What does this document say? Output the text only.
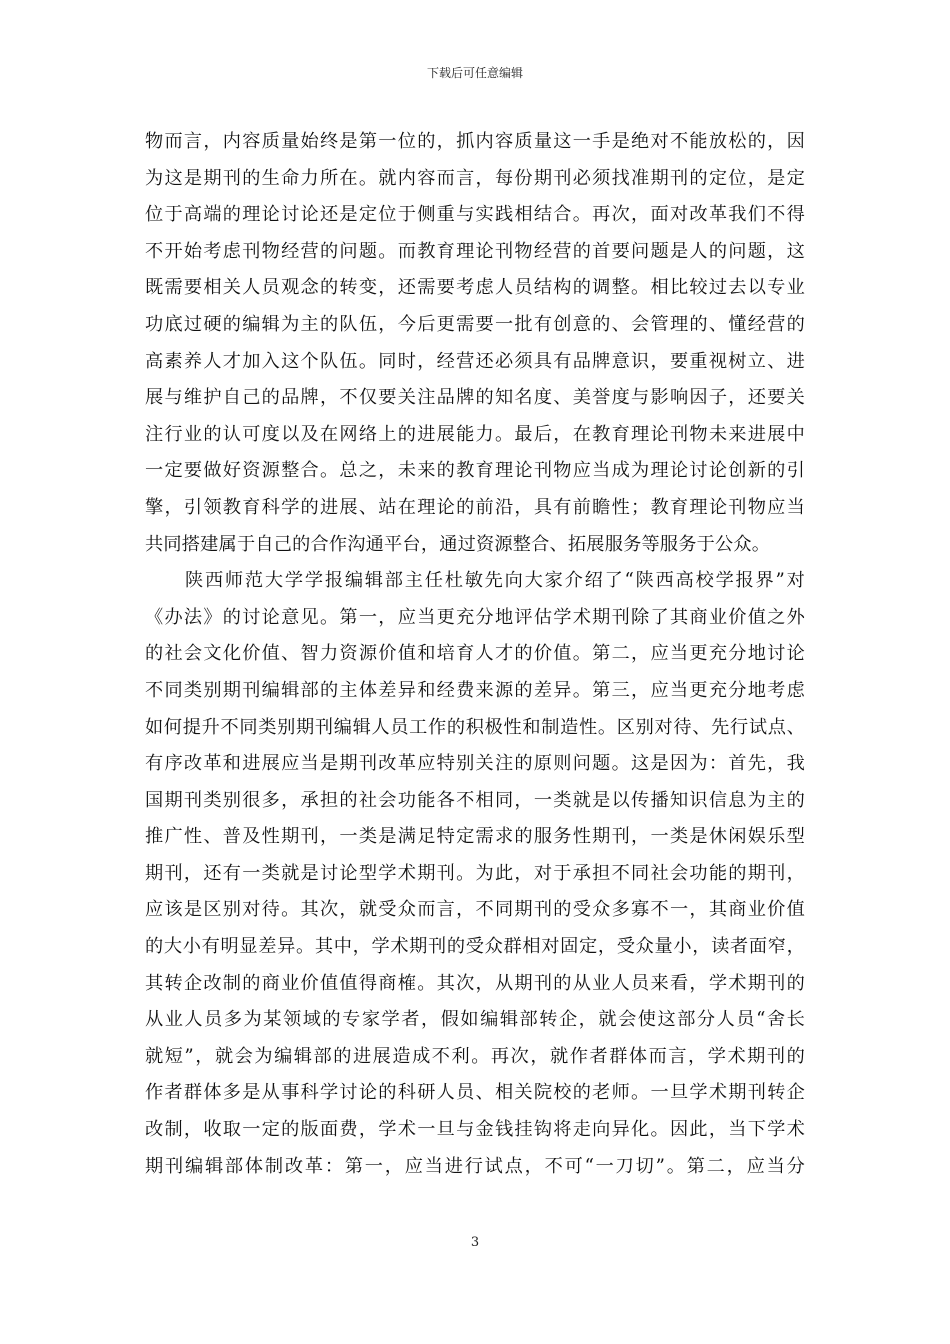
下载后可任意编辑
物而言，内容质量始终是第一位的，抓内容质量这一手是绝对不能放松的，因
为这是期刊的生命力所在。就内容而言，每份期刊必须找准期刊的定位，是定
位于高端的理论讨论还是定位于侧重与实践相结合。再次，面对改革我们不得
不开始考虑刊物经营的问题。而教育理论刊物经营的首要问题是人的问题，这
既需要相关人员观念的转变，还需要考虑人员结构的调整。相比较过去以专业
功底过硬的编辑为主的队伍，今后更需要一批有创意的、会管理的、懂经营的
高素养人才加入这个队伍。同时，经营还必须具有品牌意识，要重视树立、进
展与维护自己的品牌，不仅要关注品牌的知名度、美誉度与影响因子，还要关
注行业的认可度以及在网络上的进展能力。最后，在教育理论刊物未来进展中
一定要做好资源整合。总之，未来的教育理论刊物应当成为理论讨论创新的引
擎，引领教育科学的进展、站在理论的前沿，具有前瞻性；教育理论刊物应当
共同搭建属于自己的合作沟通平台，通过资源整合、拓展服务等服务于公众。
　　陕西师范大学学报编辑部主任杜敏先向大家介绍了“陕西高校学报界”对
《办法》的讨论意见。第一，应当更充分地评估学术期刊除了其商业价值之外
的社会文化价值、智力资源价值和培育人才的价值。第二，应当更充分地讨论
不同类别期刊编辑部的主体差异和经费来源的差异。第三，应当更充分地考虑
如何提升不同类别期刊编辑人员工作的积极性和制造性。区别对待、先行试点、
有序改革和进展应当是期刊改革应特别关注的原则问题。这是因为：首先，我
国期刊类别很多，承担的社会功能各不相同，一类就是以传播知识信息为主的
推广性、普及性期刊，一类是满足特定需求的服务性期刊，一类是休闲娱乐型
期刊，还有一类就是讨论型学术期刊。为此，对于承担不同社会功能的期刊，
应该是区别对待。其次，就受众而言，不同期刊的受众多寡不一，其商业价值
的大小有明显差异。其中，学术期刊的受众群相对固定，受众量小，读者面窄，
其转企改制的商业价值值得商榷。其次，从期刊的从业人员来看，学术期刊的
从业人员多为某领域的专家学者，假如编辑部转企，就会使这部分人员“舍长
就短”，就会为编辑部的进展造成不利。再次，就作者群体而言，学术期刊的
作者群体多是从事科学讨论的科研人员、相关院校的老师。一旦学术期刊转企
改制，收取一定的版面费，学术一旦与金钱挂钩将走向异化。因此，当下学术
期刊编辑部体制改革：第一，应当进行试点，不可“一刀切”。第二，应当分
3
